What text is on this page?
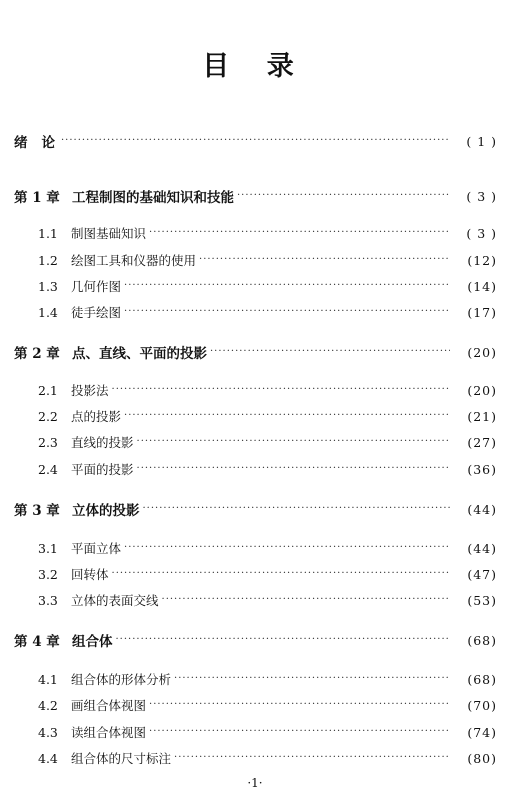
目 录
绪论 ·····	( 1 )
第 1 章 工程制图的基础知识和技能 ·····	( 3 )
1.1	制图基础知识 ·····	( 3 )
1.2	绘图工具和仪器的使用 ·····	(12)
1.3	几何作图 ·····	(14)
1.4	徒手绘图 ·····	(17)
第 2 章 点、直线、平面的投影 ·····	(20)
2.1	投影法 ·····	(20)
2.2	点的投影 ·····	(21)
2.3	直线的投影 ·····	(27)
2.4	平面的投影 ·····	(36)
第 3 章 立体的投影 ·····	(44)
3.1	平面立体 ·····	(44)
3.2	回转体 ·····	(47)
3.3	立体的表面交线 ·····	(53)
第 4 章 组合体 ·····	(68)
4.1	组合体的形体分析 ·····	(68)
4.2	画组合体视图 ·····	(70)
4.3	读组合体视图 ·····	(74)
4.4	组合体的尺寸标注 ·····	(80)
·1·
